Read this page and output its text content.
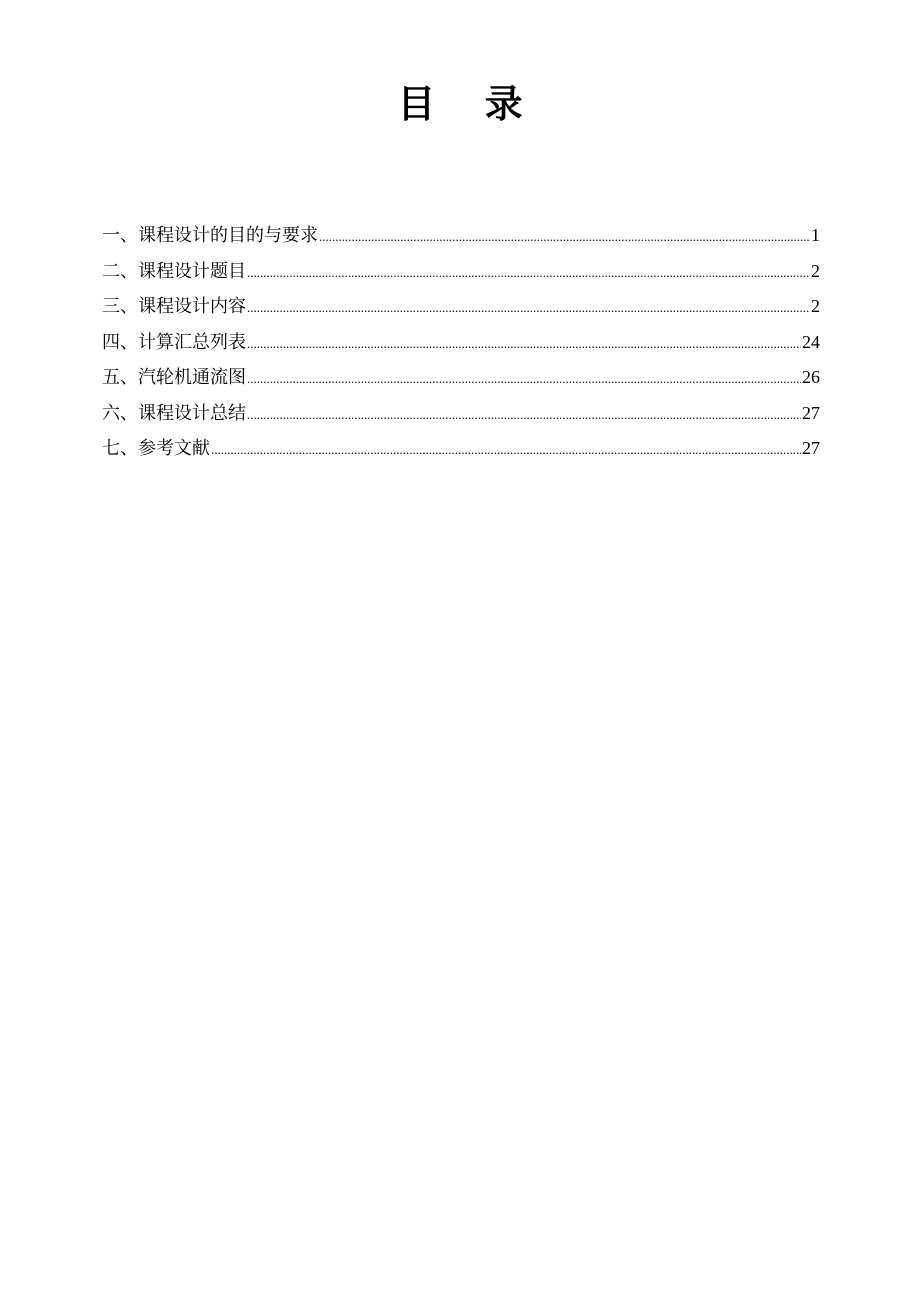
目 录
一、课程设计的目的与要求 .....	1
二、课程设计题目 .....	2
三、课程设计内容 .....	2
四、计算汇总列表 .....	24
五、汽轮机通流图 .....	26
六、课程设计总结 .....	27
七、参考文献 .....	27
